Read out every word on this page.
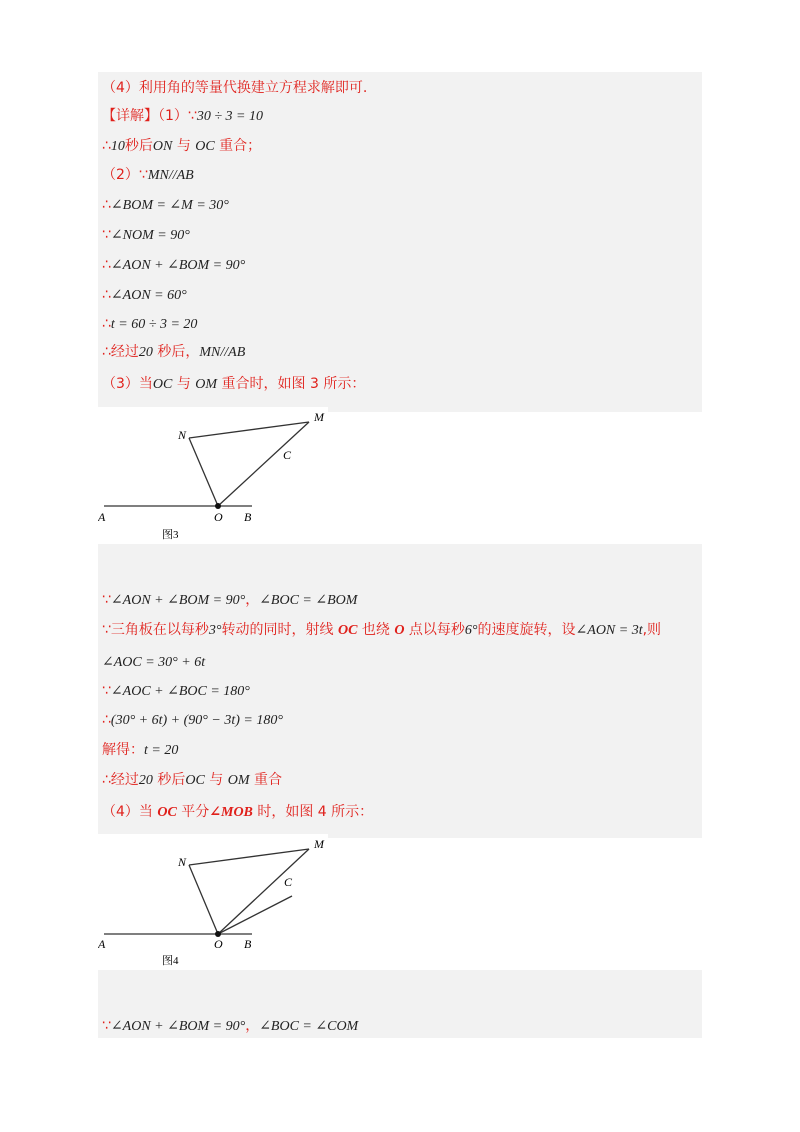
（4）利用角的等量代换建立方程求解即可.
【详解】（1）∵30 ÷ 3 = 10
∴10秒后ON 与 OC 重合；
（2）∵MN//AB
∴∠BOM = ∠M = 30°
∵∠NOM = 90°
∴∠AON + ∠BOM = 90°
∴∠AON = 60°
∴t = 60 ÷ 3 = 20
∴经过20 秒后，MN//AB
（3）当OC 与 OM 重合时，如图 3 所示：
∵∠AON + ∠BOM = 90°，∠BOC = ∠BOM
∵三角板在以每秒3°转动的同时，射线 OC 也绕 O 点以每秒6°的速度旋转，设∠AON = 3t,则
∠AOC = 30° + 6t
∵∠AOC + ∠BOC = 180°
∴(30° + 6t) + (90° − 3t) = 180°
解得：t = 20
∴经过20 秒后OC 与 OM 重合
（4）当 OC 平分∠MOB 时，如图 4 所示：
∵∠AON + ∠BOM = 90°，∠BOC = ∠COM
N
M
C
A	O B
图3
N
M
C
A	O B
图4
